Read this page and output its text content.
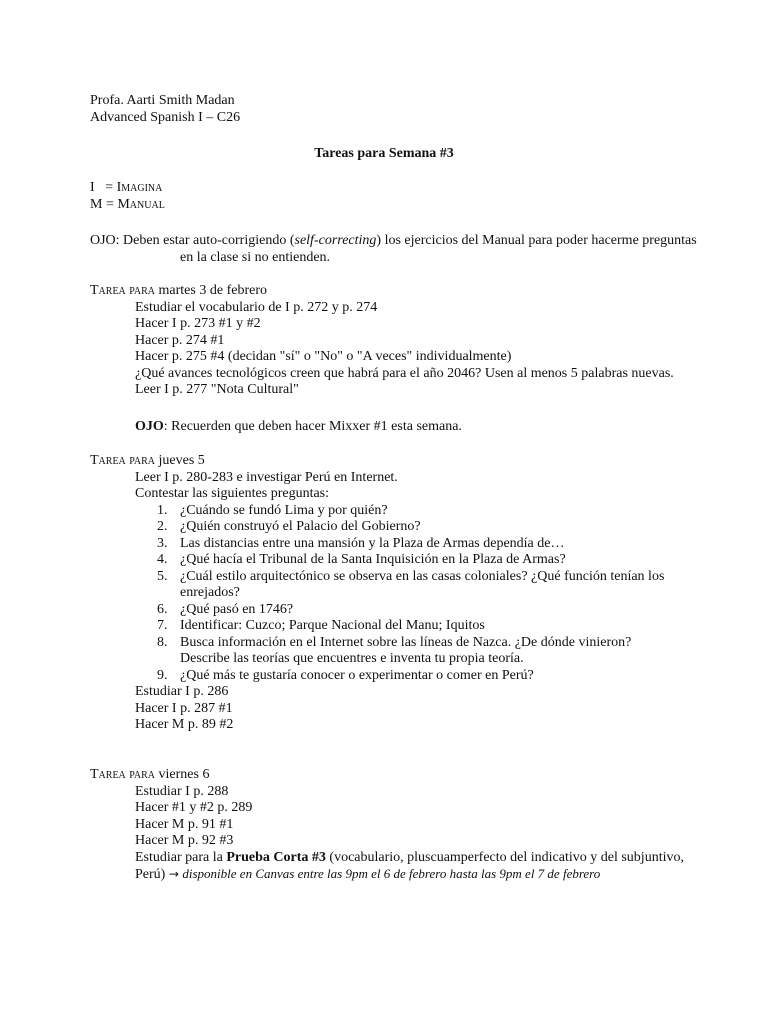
Profa. Aarti Smith Madan
Advanced Spanish I – C26
Tareas para Semana #3
I = Imagina
M = Manual
OJO: Deben estar auto-corrigiendo (self-correcting) los ejercicios del Manual para poder hacerme preguntas
en la clase si no entienden.
Tarea para martes 3 de febrero
Estudiar el vocabulario de I p. 272 y p. 274
Hacer I p. 273 #1 y #2
Hacer p. 274 #1
Hacer p. 275 #4 (decidan "sí" o "No" o "A veces" individualmente)
¿Qué avances tecnológicos creen que habrá para el año 2046? Usen al menos 5 palabras nuevas.
Leer I p. 277 "Nota Cultural"
OJO: Recuerden que deben hacer Mixxer #1 esta semana.
Tarea para jueves 5
Leer I p. 280-283 e investigar Perú en Internet.
Contestar las siguientes preguntas:
1. ¿Cuándo se fundó Lima y por quién?
2. ¿Quién construyó el Palacio del Gobierno?
3. Las distancias entre una mansión y la Plaza de Armas dependía de…
4. ¿Qué hacía el Tribunal de la Santa Inquisición en la Plaza de Armas?
5. ¿Cuál estilo arquitectónico se observa en las casas coloniales? ¿Qué función tenían los
enrejados?
6. ¿Qué pasó en 1746?
7. Identificar: Cuzco; Parque Nacional del Manu; Iquitos
8. Busca información en el Internet sobre las líneas de Nazca. ¿De dónde vinieron?
Describe las teorías que encuentres e inventa tu propia teoría.
9. ¿Qué más te gustaría conocer o experimentar o comer en Perú?
Estudiar I p. 286
Hacer I p. 287 #1
Hacer M p. 89 #2
Tarea para viernes 6
Estudiar I p. 288
Hacer #1 y #2 p. 289
Hacer M p. 91 #1
Hacer M p. 92 #3
Estudiar para la Prueba Corta #3 (vocabulario, pluscuamperfecto del indicativo y del subjuntivo,
Perú) → disponible en Canvas entre las 9pm el 6 de febrero hasta las 9pm el 7 de febrero
